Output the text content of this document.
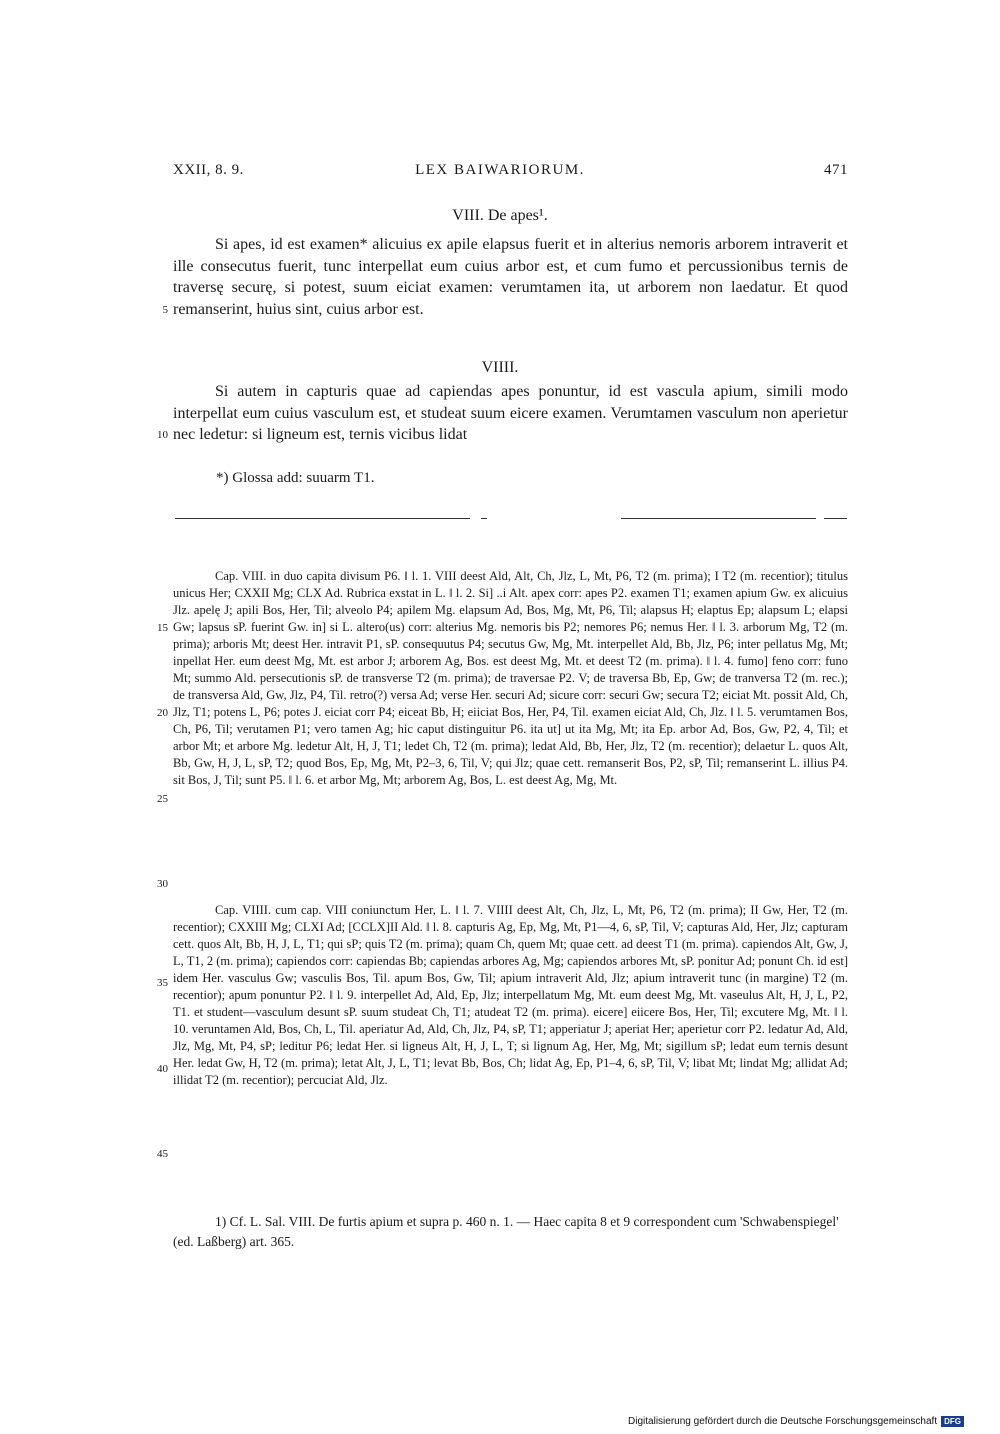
XXII, 8. 9.	LEX BAIWARIORUM.	471
VIII. De apes¹.

Si apes, id est examen* alicuius ex apile elapsus fuerit et in alterius nemoris arborem intraverit et ille consecutus fuerit, tunc interpellat eum cuius arbor est, et cum fumo et percussionibus ternis de traversę securę, si potest, suum eiciat examen: verumtamen ita, ut arborem non laedatur. Et quod remanserint, huius sint, cuius arbor est.

VIIII.

Si autem in capturis quae ad capiendas apes ponuntur, id est vascula apium, simili modo interpellat eum cuius vasculum est, et studeat suum eicere examen. Verumtamen vasculum non aperietur nec ledetur: si ligneum est, ternis vicibus lidat

5
10
*) Glossa add: suuarm T1.

Cap. VIII. in duo capita divisum P6. ‖ l. 1. VIII deest Ald, Alt, Ch, Jlz, L, Mt, P6, T2 (m. prima); I T2 (m. recentior); titulus unicus Her; CXXII Mg; CLX Ad. Rubrica exstat in L. ‖ l. 2. Si] ..i Alt. apex corr: apes P2. examen T1; examen apium Gw. ex alicuius Jlz. apelę J; apili Bos, Her, Til; alveolo P4; apilem Mg. elapsum Ad, Bos, Mg, Mt, P6, Til; alapsus H; elaptus Ep; alapsum L; elapsi Gw; lapsus sP. fuerint Gw. in] si L. altero(us) corr: alterius Mg. nemoris bis P2; nemores P6; nemus Her. ‖ l. 3. arborum Mg, T2 (m. prima); arboris Mt; deest Her. intravit P1, sP. consequutus P4; secutus Gw, Mg, Mt. interpellet Ald, Bb, Jlz, P6; inter pellatus Mg, Mt; inpellat Her. eum deest Mg, Mt. est arbor J; arborem Ag, Bos. est deest Mg, Mt. et deest T2 (m. prima). ‖ l. 4. fumo] feno corr: funo Mt; summo Ald. persecutionis sP. de transverse T2 (m. prima); de traversae P2. V; de traversa Bb, Ep, Gw; de tranversa T2 (m. rec.); de transversa Ald, Gw, Jlz, P4, Til. retro(?) versa Ad; verse Her. securi Ad; sicure corr: securi Gw; secura T2; eiciat Mt. possit Ald, Ch, Jlz, T1; potens L, P6; potes J. eiciat corr P4; eiceat Bb, H; eiiciat Bos, Her, P4, Til. examen eiciat Ald, Ch, Jlz. ‖ l. 5. verumtamen Bos, Ch, P6, Til; verutamen P1; vero tamen Ag; hic caput distinguitur P6. ita ut] ut ita Mg, Mt; ita Ep. arbor Ad, Bos, Gw, P2, 4, Til; et arbor Mt; et arbore Mg. ledetur Alt, H, J, T1; ledet Ch, T2 (m. prima); ledat Ald, Bb, Her, Jlz, T2 (m. recentior); delaetur L. quos Alt, Bb, Gw, H, J, L, sP, T2; quod Bos, Ep, Mg, Mt, P2–3, 6, Til, V; qui Jlz; quae cett. remanserit Bos, P2, sP, Til; remanserint L. illius P4. sit Bos, J, Til; sunt P5. ‖ l. 6. et arbor Mg, Mt; arborem Ag, Bos, L. est deest Ag, Mg, Mt.

Cap. VIIII. cum cap. VIII coniunctum Her, L. ‖ l. 7. VIIII deest Alt, Ch, Jlz, L, Mt, P6, T2 (m. prima); II Gw, Her, T2 (m. recentior); CXXIII Mg; CLXI Ad; [CCLX]II Ald. ‖ l. 8. capturis Ag, Ep, Mg, Mt, P1—4, 6, sP, Til, V; capturas Ald, Her, Jlz; capturam cett. quos Alt, Bb, H, J, L, T1; qui sP; quis T2 (m. prima); quam Ch, quem Mt; quae cett. ad deest T1 (m. prima). capiendos Alt, Gw, J, L, T1, 2 (m. prima); capiendos corr: capiendas Bb; capiendas arbores Ag, Mg; capiendos arbores Mt, sP. ponitur Ad; ponunt Ch. id est] idem Her. vasculus Gw; vasculis Bos, Til. apum Bos, Gw, Til; apium intraverit Ald, Jlz; apium intraverit tunc (in margine) T2 (m. recentior); apum ponuntur P2. ‖ l. 9. interpellet Ad, Ald, Ep, Jlz; interpellatum Mg, Mt. eum deest Mg, Mt. vaseulus Alt, H, J, L, P2, T1. et student—vasculum desunt sP. suum studeat Ch, T1; atudeat T2 (m. prima). eicere] eiicere Bos, Her, Til; excutere Mg, Mt. ‖ l. 10. veruntamen Ald, Bos, Ch, L, Til. aperiatur Ad, Ald, Ch, Jlz, P4, sP, T1; apperiatur J; aperiat Her; aperietur corr P2. ledatur Ad, Ald, Jlz, Mg, Mt, P4, sP; leditur P6; ledat Her. si ligneus Alt, H, J, L, T; si lignum Ag, Her, Mg, Mt; sigillum sP; ledat eum ternis desunt Her. ledat Gw, H, T2 (m. prima); letat Alt, J, L, T1; levat Bb, Bos, Ch; lidat Ag, Ep, P1–4, 6, sP, Til, V; libat Mt; lindat Mg; allidat Ad; illidat T2 (m. recentior); percuciat Ald, Jlz.

15
20
25
30
35
40
45

1) Cf. L. Sal. VIII. De furtis apium et supra p. 460 n. 1. — Haec capita 8 et 9 correspondent cum 'Schwabenspiegel' (ed. Laßberg) art. 365.

Digitalisierung gefördert durch die Deutsche Forschungsgemeinschaft DFG
